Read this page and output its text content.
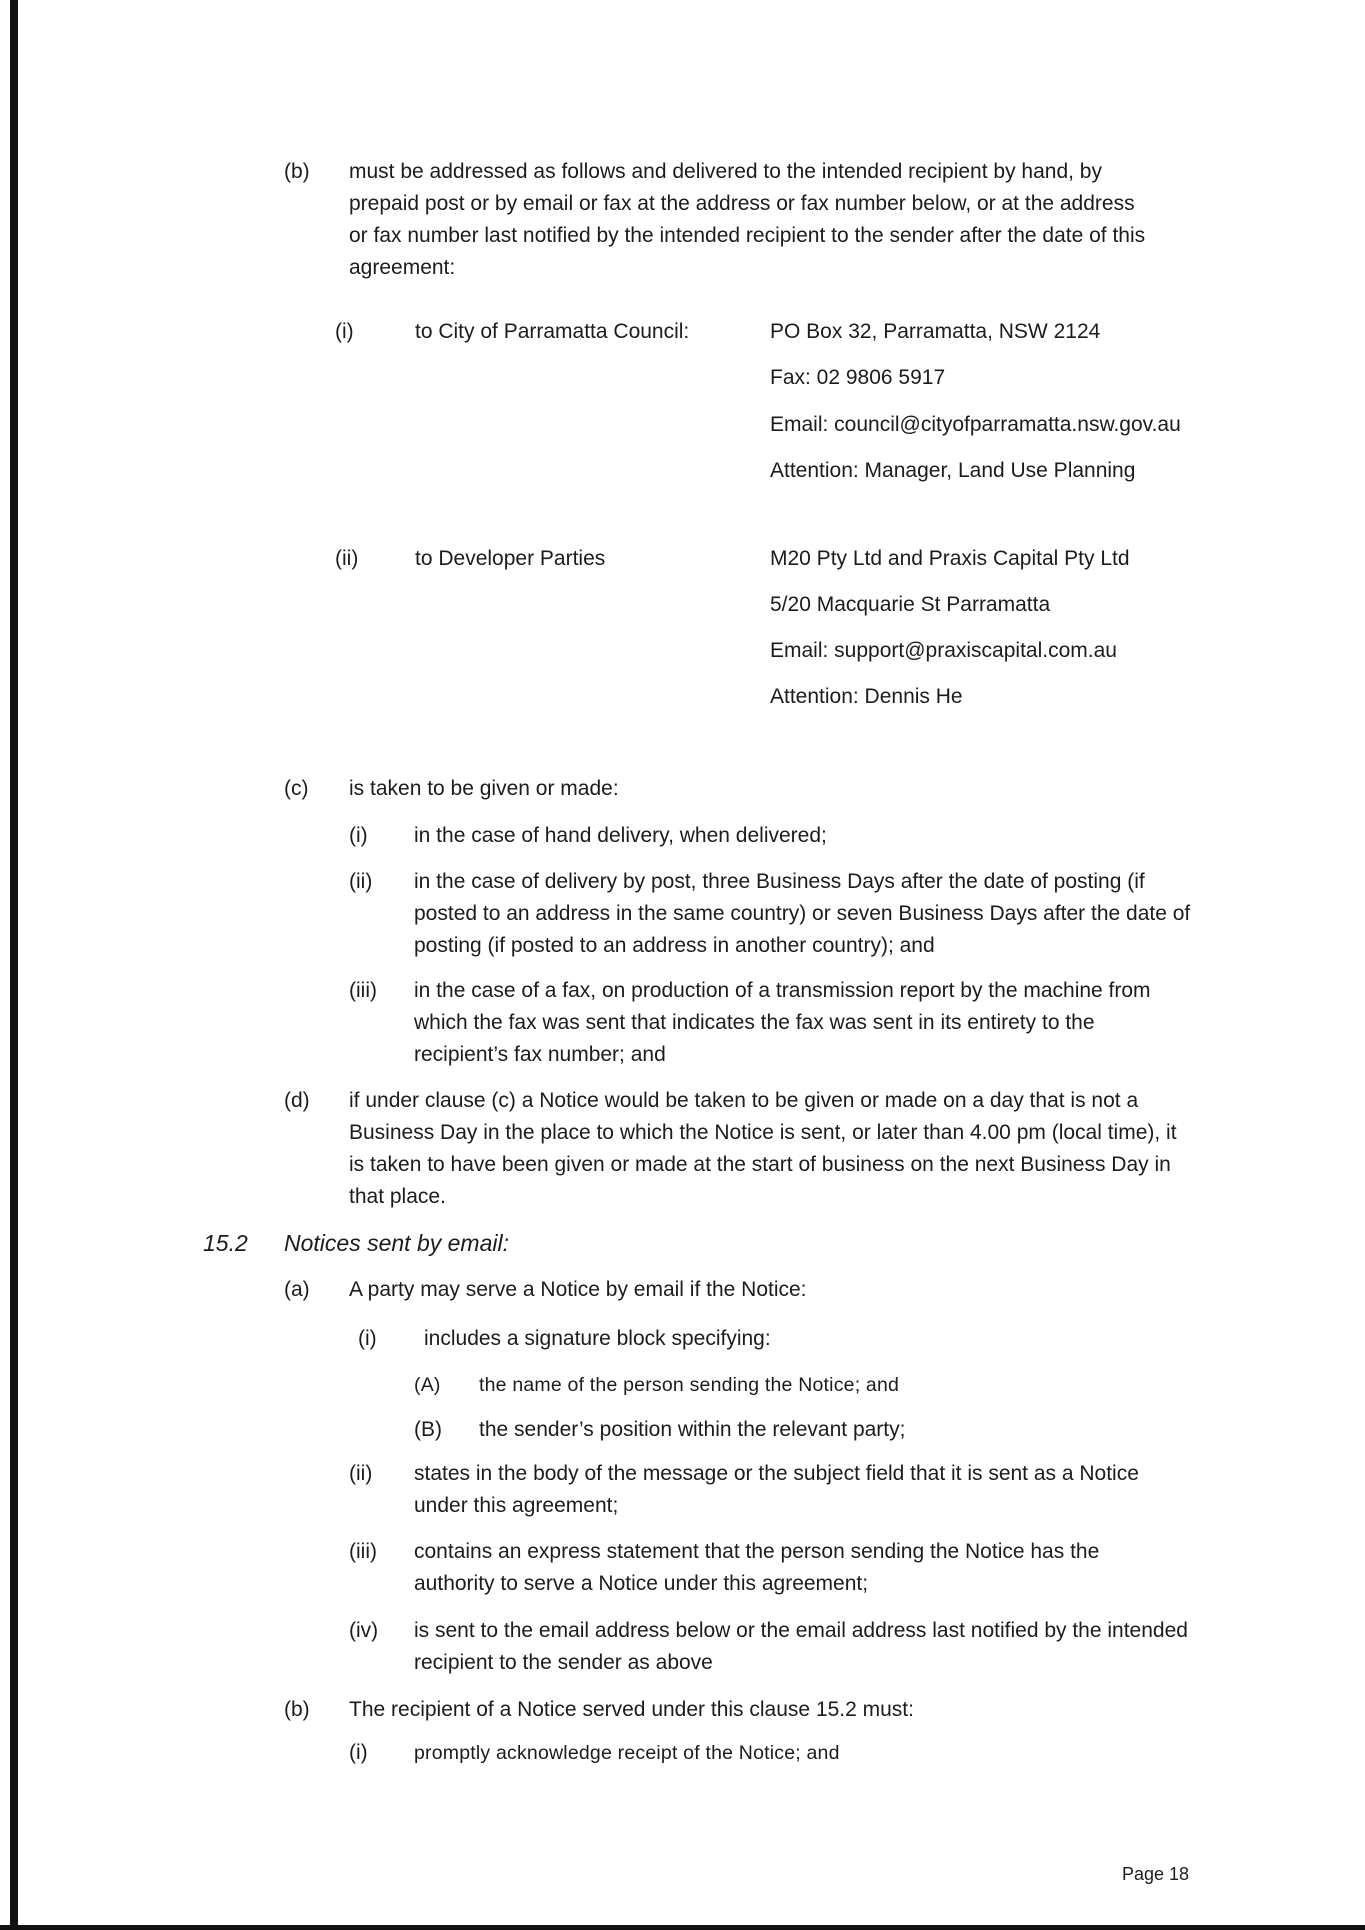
(b) must be addressed as follows and delivered to the intended recipient by hand, by prepaid post or by email or fax at the address or fax number below, or at the address or fax number last notified by the intended recipient to the sender after the date of this agreement:
(i)	to City of Parramatta Council:	PO Box 32, Parramatta, NSW 2124
Fax: 02 9806 5917
Email: council@cityofparramatta.nsw.gov.au
Attention: Manager, Land Use Planning
(ii)	to Developer Parties	M20 Pty Ltd and Praxis Capital Pty Ltd
5/20 Macquarie St Parramatta
Email: support@praxiscapital.com.au
Attention: Dennis He
(c) is taken to be given or made:
(i) in the case of hand delivery, when delivered;
(ii) in the case of delivery by post, three Business Days after the date of posting (if posted to an address in the same country) or seven Business Days after the date of posting (if posted to an address in another country); and
(iii) in the case of a fax, on production of a transmission report by the machine from which the fax was sent that indicates the fax was sent in its entirety to the recipient’s fax number; and
(d) if under clause (c) a Notice would be taken to be given or made on a day that is not a Business Day in the place to which the Notice is sent, or later than 4.00 pm (local time), it is taken to have been given or made at the start of business on the next Business Day in that place.
15.2 Notices sent by email:
(a) A party may serve a Notice by email if the Notice:
(i) includes a signature block specifying:
(A) the name of the person sending the Notice; and
(B) the sender’s position within the relevant party;
(ii) states in the body of the message or the subject field that it is sent as a Notice under this agreement;
(iii) contains an express statement that the person sending the Notice has the authority to serve a Notice under this agreement;
(iv) is sent to the email address below or the email address last notified by the intended recipient to the sender as above
(b) The recipient of a Notice served under this clause 15.2 must:
(i) promptly acknowledge receipt of the Notice; and
Page 18
